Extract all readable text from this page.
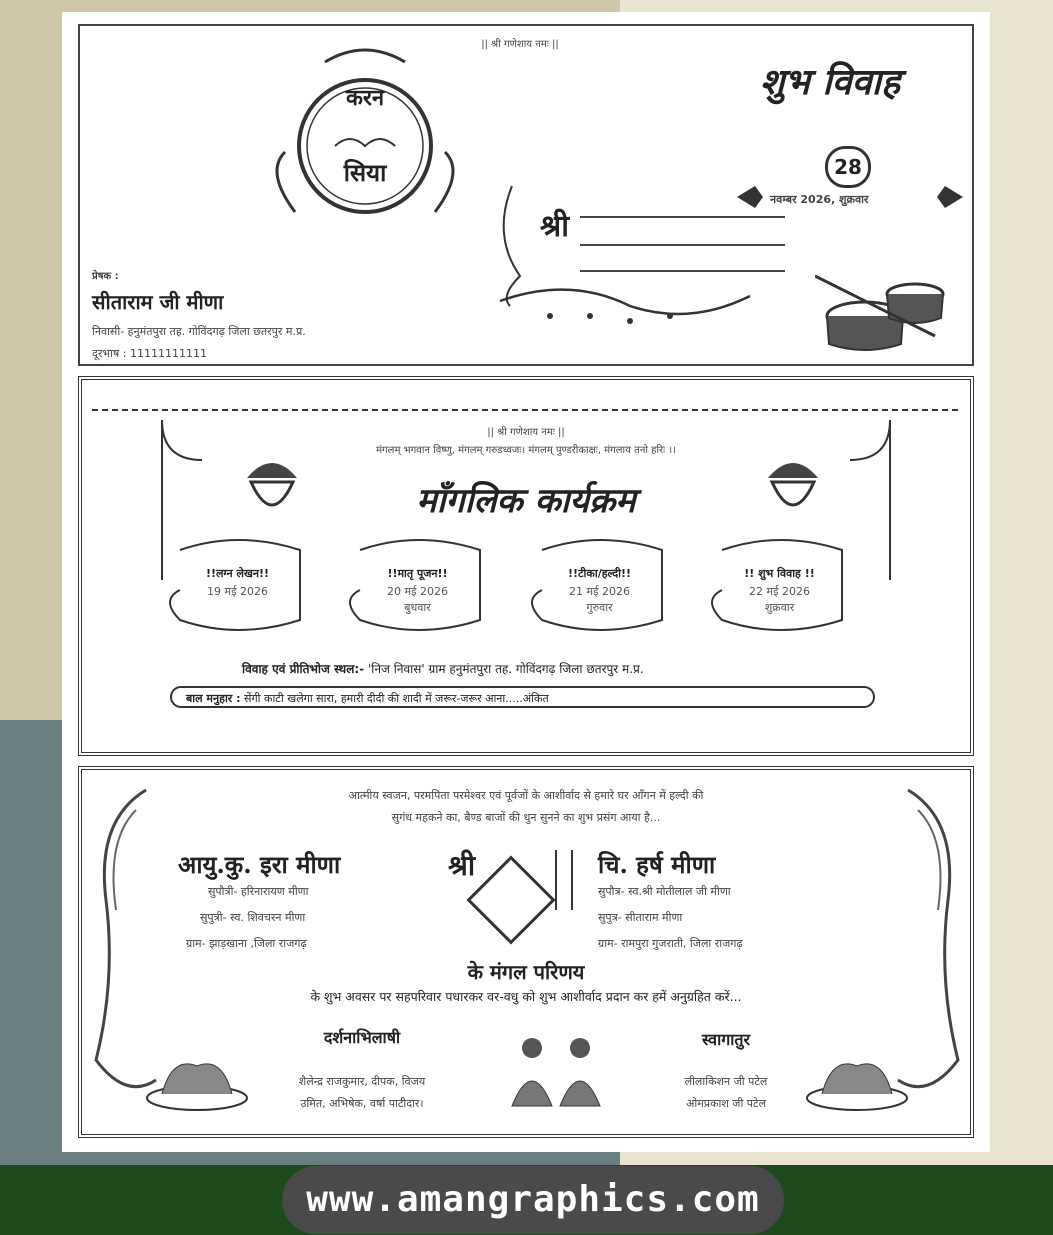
|| श्री गणेशाय नमः ||
करन
सिया
प्रेषक :
सीताराम जी मीणा
निवासी- हनुमंतपुरा तह. गोविंदगढ़ जिला छतरपुर म.प्र.
दूरभाष : 11111111111
शुभ विवाह
28
नवम्बर 2026, शुक्रवार
श्री
|| श्री गणेशाय नमः ||
मंगलम् भगवान विष्णु, मंगलम् गरुडध्वजः। मंगलम् पुण्डरीकाक्षः, मंगलाय तनो हरिः ।।
माँगलिक कार्यक्रम
!!लग्न लेखन!!
19 मई 2026
!!मातृ पूजन!!
20 मई 2026
बुधवार
!!टीका/हल्दी!!
21 मई 2026
गुरुवार
!! शुभ विवाह !!
22 मई 2026
शुक्रवार
विवाह एवं प्रीतिभोज स्थल:- 'निज निवास' ग्राम हनुमंतपुरा तह. गोविंदगढ़ जिला छतरपुर म.प्र.
बाल मनुहार : सेंगी काटी खलेगा सारा, हमारी दीदी की शादी में जरूर-जरूर आना.....अंकित
आत्मीय स्वजन, परमपिता परमेश्वर एवं पूर्वजों के आशीर्वाद से हमारे घर आँगन में हल्दी की
सुगंध महकने का, बैण्ड बाजों की धुन सुनने का शुभ प्रसंग आया है...
आयु.कु. इरा मीणा
सुपौत्री- हरिनारायण मीणा
सुपुत्री- स्व. शिवचरन मीणा
ग्राम- झाड़खाना ,जिला राजगढ़
श्री	चि. हर्ष मीणा
सुपौत्र- स्व.श्री मोतीलाल जी मीणा
सुपुत्र- सीताराम मीणा
ग्राम- रामपुरा गुजराती, जिला राजगढ़
के मंगल परिणय
के शुभ अवसर पर सहपरिवार पधारकर वर-वधु को शुभ आशीर्वाद प्रदान कर हमें अनुग्रहित करें...
दर्शनाभिलाषी
शैलेन्द्र राजकुमार, दीपक, विजय
उमित, अभिषेक, वर्षा पाटीदार।
स्वागातुर
लीलाकिशन जी पटेल
ओमप्रकाश जी पटेल
www.amangraphics.com
